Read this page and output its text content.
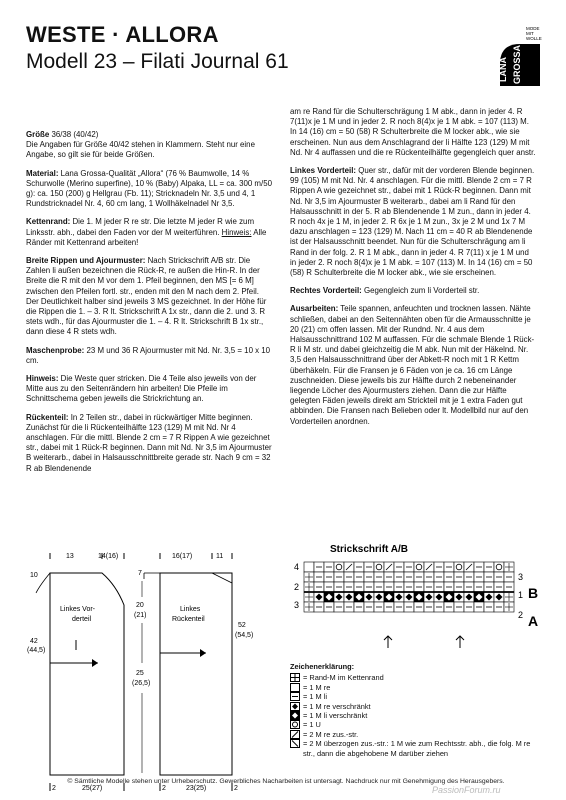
WESTE · ALLORA
Modell 23 – Filati Journal 61
MODE
MIT
WOLLE
LANA GROSSA

Größe 36/38 (40/42)
Die Angaben für Größe 40/42 stehen in Klammern. Steht nur eine Angabe, so gilt sie für beide Größen.

Material: Lana Grossa-Qualität „Allora“ (76 % Baumwolle, 14 % Schurwolle (Merino superfine), 10 % (Baby) Alpaka, LL = ca. 300 m/50 g): ca. 150 (200) g Hellgrau (Fb. 11); Stricknadeln Nr. 3,5 und 4, 1 Rundstricknadel Nr. 4, 60 cm lang, 1 Wollhäkelnadel Nr 3,5.

Kettenrand: Die 1. M jeder R re str. Die letzte M jeder R wie zum Linksstr. abh., dabei den Faden vor der M weiterführen. Hinweis: Alle Ränder mit Kettenrand arbeiten!

Breite Rippen und Ajourmuster: Nach Strickschrift A/B str. Die Zahlen li außen bezeichnen die Rück-R, re außen die Hin-R. In der Breite die R mit den M vor dem 1. Pfeil beginnen, den MS [= 6 M] zwischen den Pfeilen fortl. str., enden mit den M nach dem 2. Pfeil. Der Deutlichkeit halber sind jeweils 3 MS gezeichnet. In der Höhe für die Rippen die 1. – 3. R lt. Strickschrift A 1x str., dann die 2. und 3. R stets wdh., für das Ajourmuster die 1. – 4. R lt. Strickschrift B 1x str., dann diese 4 R stets wdh.

Maschenprobe: 23 M und 36 R Ajourmuster mit Nd. Nr. 3,5 = 10 x 10 cm.

Hinweis: Die Weste quer stricken. Die 4 Teile also jeweils von der Mitte aus zu den Seitenrändern hin arbeiten! Die Pfeile im Schnittschema geben jeweils die Strickrichtung an.

Rückenteil: In 2 Teilen str., dabei in rückwärtiger Mitte beginnen. Zunächst für die li Rückenteilhälfte 123 (129) M mit Nd. Nr 4 anschlagen. Für die mittl. Blende 2 cm = 7 R Rippen A wie gezeichnet str., dabei mit 1 Rück-R beginnen. Dann mit Nd. Nr 3,5 im Ajourmuster B weiterarb., dabei in Halsausschnittbreite gerade str. Nach 9 cm = 32 R ab Blendenende

am re Rand für die Schulterschrägung 1 M abk., dann in jeder 4. R 7(11)x je 1 M und in jeder 2. R noch 8(4)x je 1 M abk. = 107 (113) M. In 14 (16) cm = 50 (58) R Schulterbreite die M locker abk., wie sie erscheinen. Nun aus dem Anschlagrand der li Hälfte 123 (129) M mit Nd. Nr 4 auffassen und die re Rückenteilhälfte gegengleich quer anstr.

Linkes Vorderteil: Quer str., dafür mit der vorderen Blende beginnen. 99 (105) M mit Nd. Nr. 4 anschlagen. Für die mittl. Blende 2 cm = 7 R Rippen A wie gezeichnet str., dabei mit 1 Rück-R beginnen. Dann mit Nd. Nr 3,5 im Ajourmuster B weiterarb., dabei am li Rand für den Halsausschnitt in der 5. R ab Blendenende 1 M zun., dann in jeder 4. R noch 4x je 1 M, in jeder 2. R 6x je 1 M zun., 3x je 2 M und 1x 7 M dazu anschlagen = 123 (129) M. Nach 11 cm = 40 R ab Blendenende ist der Halsausschnitt beendet. Nun für die Schulterschrägung am li Rand in der folg. 2. R 1 M abk., dann in jeder 4. R 7(11) x je 1 M und in jeder 2. R noch 8(4)x je 1 M abk. = 107 (113) M. In 14 (16) cm = 50 (58) R Schulterbreite die M locker abk., wie sie erscheinen.

Rechtes Vorderteil: Gegengleich zum li Vorderteil str.

Ausarbeiten: Teile spannen, anfeuchten und trocknen lassen. Nähte schließen, dabei an den Seitennähten oben für die Armausschnitte je 20 (21) cm offen lassen. Mit der Rundnd. Nr. 4 aus dem Halsausschnittrand 102 M auffassen. Für die schmale Blende 1 Rück-R li M str. und dabei gleichzeitig die M abk. Nun mit der Häkelnd. Nr. 3,5 den Halsausschnittrand über der Abkett-R noch mit 1 R Kettm überhäkeln. Für die Fransen je 6 Fäden von je ca. 16 cm Länge zuschneiden. Diese jeweils bis zur Hälfte durch 2 nebeneinander liegende Löcher des Ajourmusters ziehen. Dann die zur Hälfte gelegten Fäden jeweils direkt am Strickteil mit je 1 extra Faden gut abbinden. Die Fransen nach Belieben oder lt. Modellbild nur auf den Vorderteilen anordnen.

13	14(16)	16(17)	11
Linkes Vor-
derteil
Linkes
Rückenteil
10
42
(44,5)
7
20
(21)
25
(26,5)
52
(54,5)
2	25(27)	2	23(25)	2
Strickschrift A/B
4
2
3
3
1
2
B
A
Zeichenerklärung:
= Rand-M im Kettenrand
= 1 M re
= 1 M li
= 1 M re verschränkt
= 1 M li verschränkt
= 1 U
= 2 M re zus.-str.
= 2 M überzogen zus.-str.: 1 M wie zum Rechtsstr. abh., die folg. M re str., dann die abgehobene M darüber ziehen
© Sämtliche Modelle stehen unter Urheberschutz. Gewerbliches Nacharbeiten ist untersagt. Nachdruck nur mit Genehmigung des Herausgebers.
PassionForum.ru
